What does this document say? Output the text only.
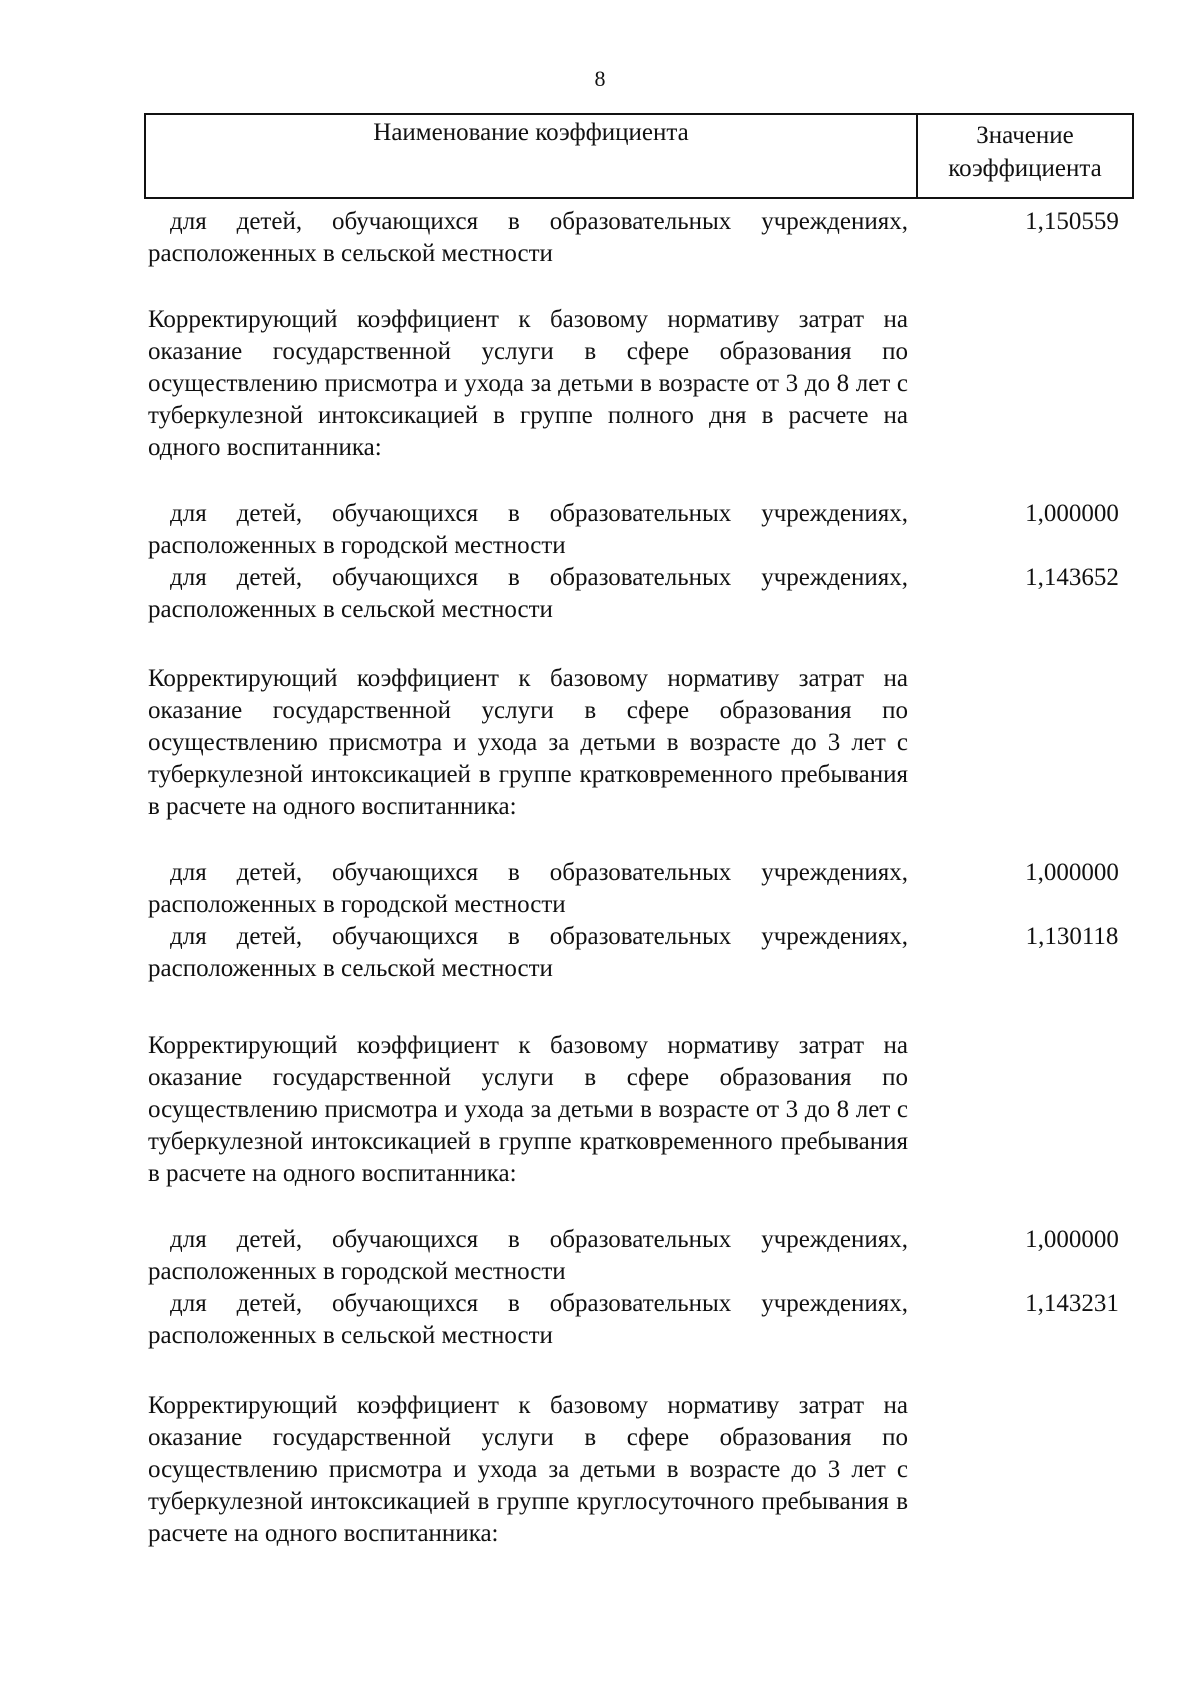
8
Наименование коэффициента	Значение
коэффициента
для детей, обучающихся в образовательных учреждениях, расположенных в сельской местности
1,150559
Корректирующий коэффициент к базовому нормативу затрат на оказание государственной услуги в сфере образования по осуществлению присмотра и ухода за детьми в возрасте от 3 до 8 лет с туберкулезной интоксикацией в группе полного дня в расчете на одного воспитанника:
для детей, обучающихся в образовательных учреждениях, расположенных в городской местности
1,000000
для детей, обучающихся в образовательных учреждениях, расположенных в сельской местности
1,143652
Корректирующий коэффициент к базовому нормативу затрат на оказание государственной услуги в сфере образования по осуществлению присмотра и ухода за детьми в возрасте до 3 лет с туберкулезной интоксикацией в группе кратковременного пребывания в расчете на одного воспитанника:
для детей, обучающихся в образовательных учреждениях, расположенных в городской местности
1,000000
для детей, обучающихся в образовательных учреждениях, расположенных в сельской местности
1,130118
Корректирующий коэффициент к базовому нормативу затрат на оказание государственной услуги в сфере образования по осуществлению присмотра и ухода за детьми в возрасте от 3 до 8 лет с туберкулезной интоксикацией в группе кратковременного пребывания в расчете на одного воспитанника:
для детей, обучающихся в образовательных учреждениях, расположенных в городской местности
1,000000
для детей, обучающихся в образовательных учреждениях, расположенных в сельской местности
1,143231
Корректирующий коэффициент к базовому нормативу затрат на оказание государственной услуги в сфере образования по осуществлению присмотра и ухода за детьми в возрасте до 3 лет с туберкулезной интоксикацией в группе круглосуточного пребывания в расчете на одного воспитанника:
